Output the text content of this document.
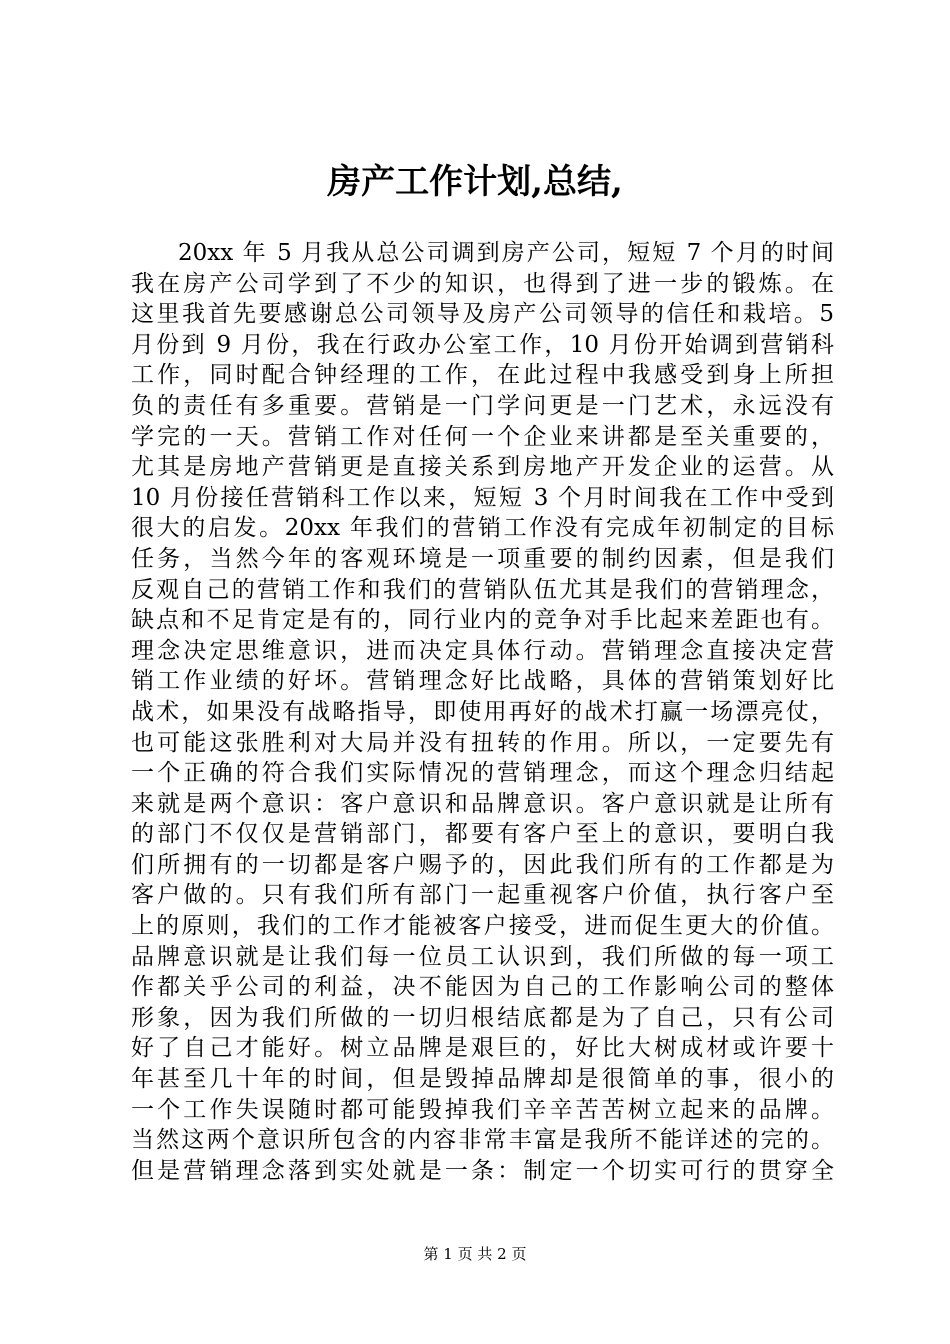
房产工作计划,总结,
20xx 年 5 月我从总公司调到房产公司，短短 7 个月的时间
我在房产公司学到了不少的知识，也得到了进一步的锻炼。在
这里我首先要感谢总公司领导及房产公司领导的信任和栽培。5
月份到 9 月份，我在行政办公室工作，10 月份开始调到营销科
工作，同时配合钟经理的工作，在此过程中我感受到身上所担
负的责任有多重要。营销是一门学问更是一门艺术，永远没有
学完的一天。营销工作对任何一个企业来讲都是至关重要的，
尤其是房地产营销更是直接关系到房地产开发企业的运营。从
10 月份接任营销科工作以来，短短 3 个月时间我在工作中受到
很大的启发。20xx 年我们的营销工作没有完成年初制定的目标
任务，当然今年的客观环境是一项重要的制约因素，但是我们
反观自己的营销工作和我们的营销队伍尤其是我们的营销理念，
缺点和不足肯定是有的，同行业内的竞争对手比起来差距也有。
理念决定思维意识，进而决定具体行动。营销理念直接决定营
销工作业绩的好坏。营销理念好比战略，具体的营销策划好比
战术，如果没有战略指导，即使用再好的战术打赢一场漂亮仗，
也可能这张胜利对大局并没有扭转的作用。所以，一定要先有
一个正确的符合我们实际情况的营销理念，而这个理念归结起
来就是两个意识：客户意识和品牌意识。客户意识就是让所有
的部门不仅仅是营销部门，都要有客户至上的意识，要明白我
们所拥有的一切都是客户赐予的，因此我们所有的工作都是为
客户做的。只有我们所有部门一起重视客户价值，执行客户至
上的原则，我们的工作才能被客户接受，进而促生更大的价值。
品牌意识就是让我们每一位员工认识到，我们所做的每一项工
作都关乎公司的利益，决不能因为自己的工作影响公司的整体
形象，因为我们所做的一切归根结底都是为了自己，只有公司
好了自己才能好。树立品牌是艰巨的，好比大树成材或许要十
年甚至几十年的时间，但是毁掉品牌却是很简单的事，很小的
一个工作失误随时都可能毁掉我们辛辛苦苦树立起来的品牌。
当然这两个意识所包含的内容非常丰富是我所不能详述的完的。
但是营销理念落到实处就是一条：制定一个切实可行的贯穿全
第 1 页 共 2 页
